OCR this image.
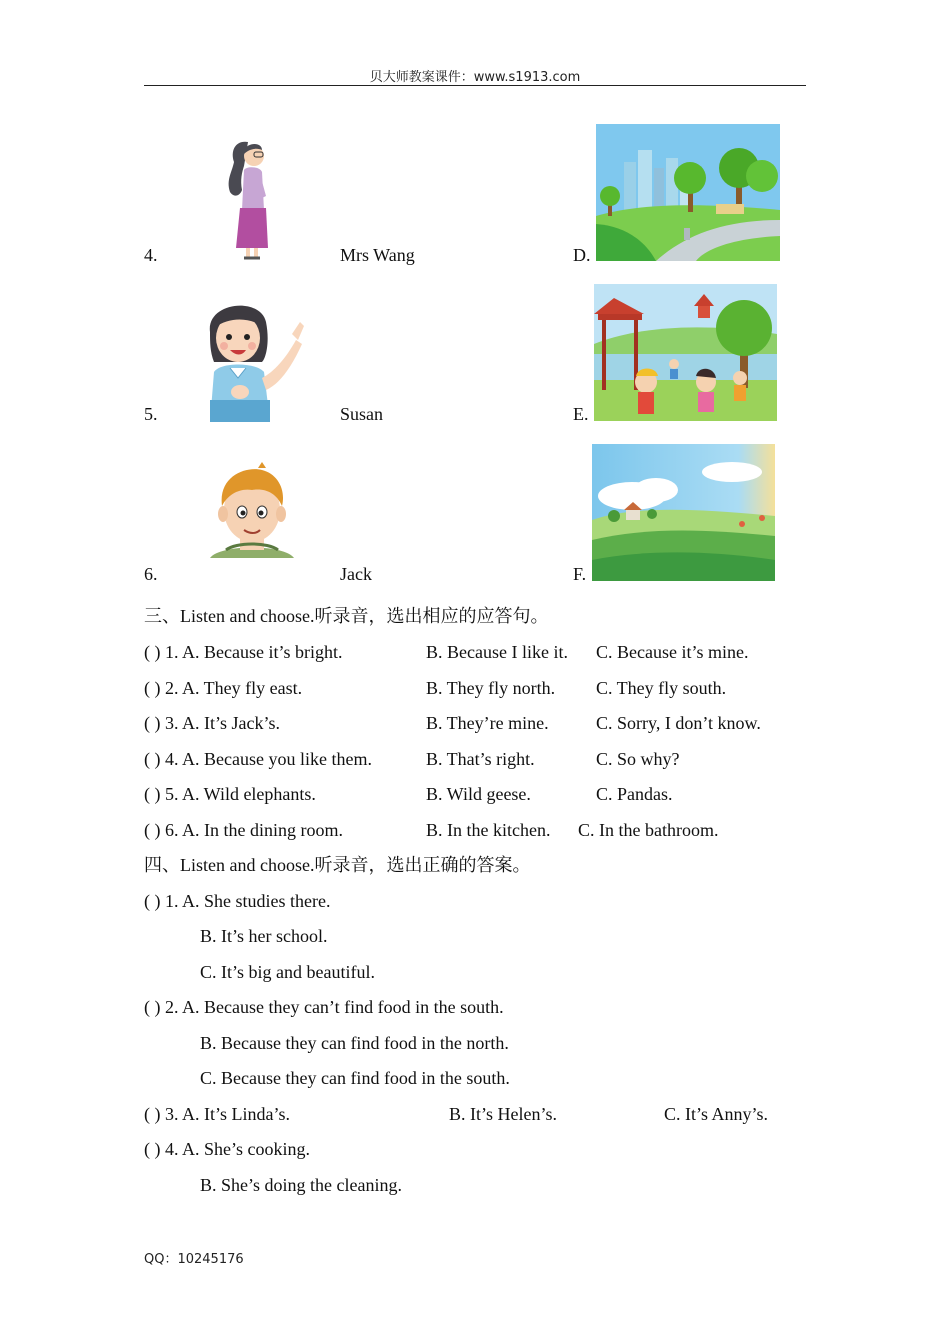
贝大师教案课件：www.s1913.com
4.	Mrs Wang	D.
5.	Susan	E.
6.	Jack	F.
三、Listen and choose.听录音，选出相应的应答句。
( ) 1. A. Because it’s bright.	B. Because I like it. C. Because it’s mine.
( ) 2. A. They fly east.	B. They fly north. C. They fly south.
( ) 3. A. It’s Jack’s.	B. They’re mine.	C. Sorry, I don’t know.
( ) 4. A. Because you like them.	B. That’s right.	C. So why?
( ) 5. A. Wild elephants.	B. Wild geese.	C. Pandas.
( ) 6. A. In the dining room.	B. In the kitchen. C. In the bathroom.
四、Listen and choose.听录音，选出正确的答案。
( ) 1. A. She studies there.
B. It’s her school.
C. It’s big and beautiful.
( ) 2. A. Because they can’t find food in the south.
B. Because they can find food in the north.
C. Because they can find food in the south.
( ) 3. A. It’s Linda’s.	B. It’s Helen’s.	C. It’s Anny’s.
( ) 4. A. She’s cooking.
B. She’s doing the cleaning.
QQ：10245176
